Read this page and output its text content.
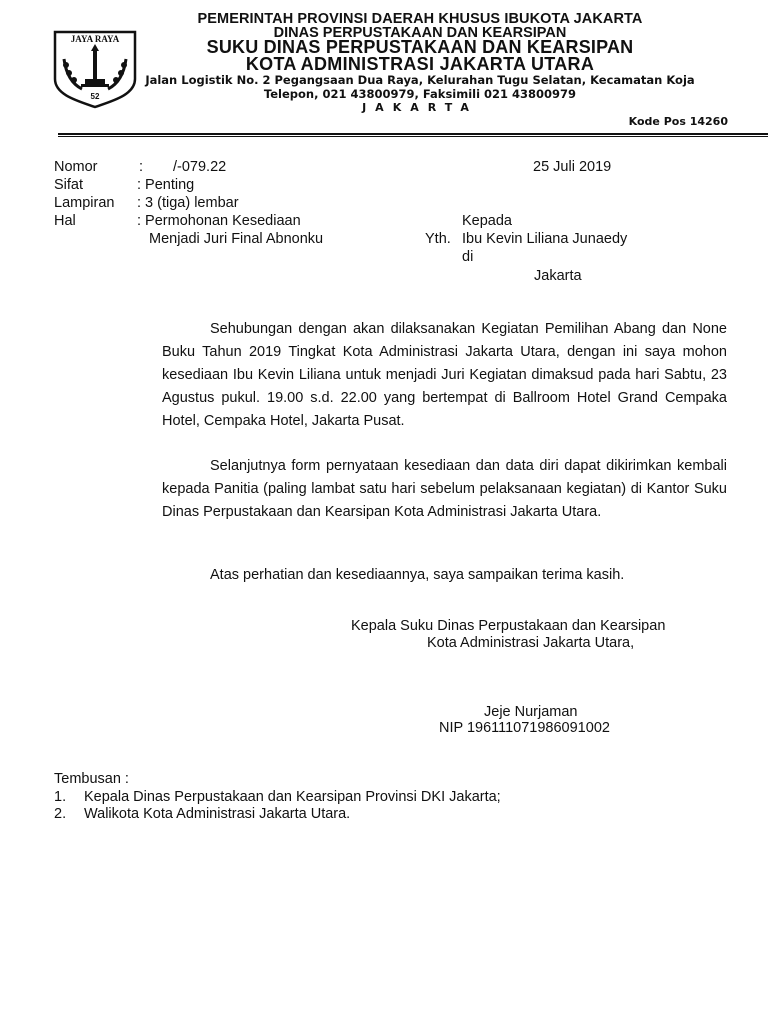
JAYA RAYA
52
PEMERINTAH PROVINSI DAERAH KHUSUS IBUKOTA JAKARTA
DINAS PERPUSTAKAAN DAN KEARSIPAN
SUKU DINAS PERPUSTAKAAN DAN KEARSIPAN
KOTA ADMINISTRASI JAKARTA UTARA
Jalan Logistik No. 2 Pegangsaan Dua Raya, Kelurahan Tugu Selatan, Kecamatan Koja
Telepon, 021 43800979, Faksimili 021 43800979
JAKARTA
Kode Pos 14260
Nomor	: /-079.22	25 Juli 2019
Sifat	: Penting
Lampiran : 3 (tiga) lembar
Hal	: Permohonan Kesediaan
Menjadi Juri Final Abnonku
Kepada
Yth. Ibu Kevin Liliana Junaedy
di
Jakarta

Sehubungan dengan akan dilaksanakan Kegiatan Pemilihan Abang dan None Buku Tahun 2019 Tingkat Kota Administrasi Jakarta Utara, dengan ini saya mohon kesediaan Ibu Kevin Liliana untuk menjadi Juri Kegiatan dimaksud pada hari Sabtu, 23 Agustus pukul. 19.00 s.d. 22.00 yang bertempat di Ballroom Hotel Grand Cempaka Hotel, Cempaka Hotel, Jakarta Pusat.

Selanjutnya form pernyataan kesediaan dan data diri dapat dikirimkan kembali kepada Panitia (paling lambat satu hari sebelum pelaksanaan kegiatan) di Kantor Suku Dinas Perpustakaan dan Kearsipan Kota Administrasi Jakarta Utara.

Atas perhatian dan kesediaannya, saya sampaikan terima kasih.

Kepala Suku Dinas Perpustakaan dan Kearsipan
Kota Administrasi Jakarta Utara,
Jeje Nurjaman
NIP 196111071986091002
Tembusan :
1. Kepala Dinas Perpustakaan dan Kearsipan Provinsi DKI Jakarta;
2. Walikota Kota Administrasi Jakarta Utara.
